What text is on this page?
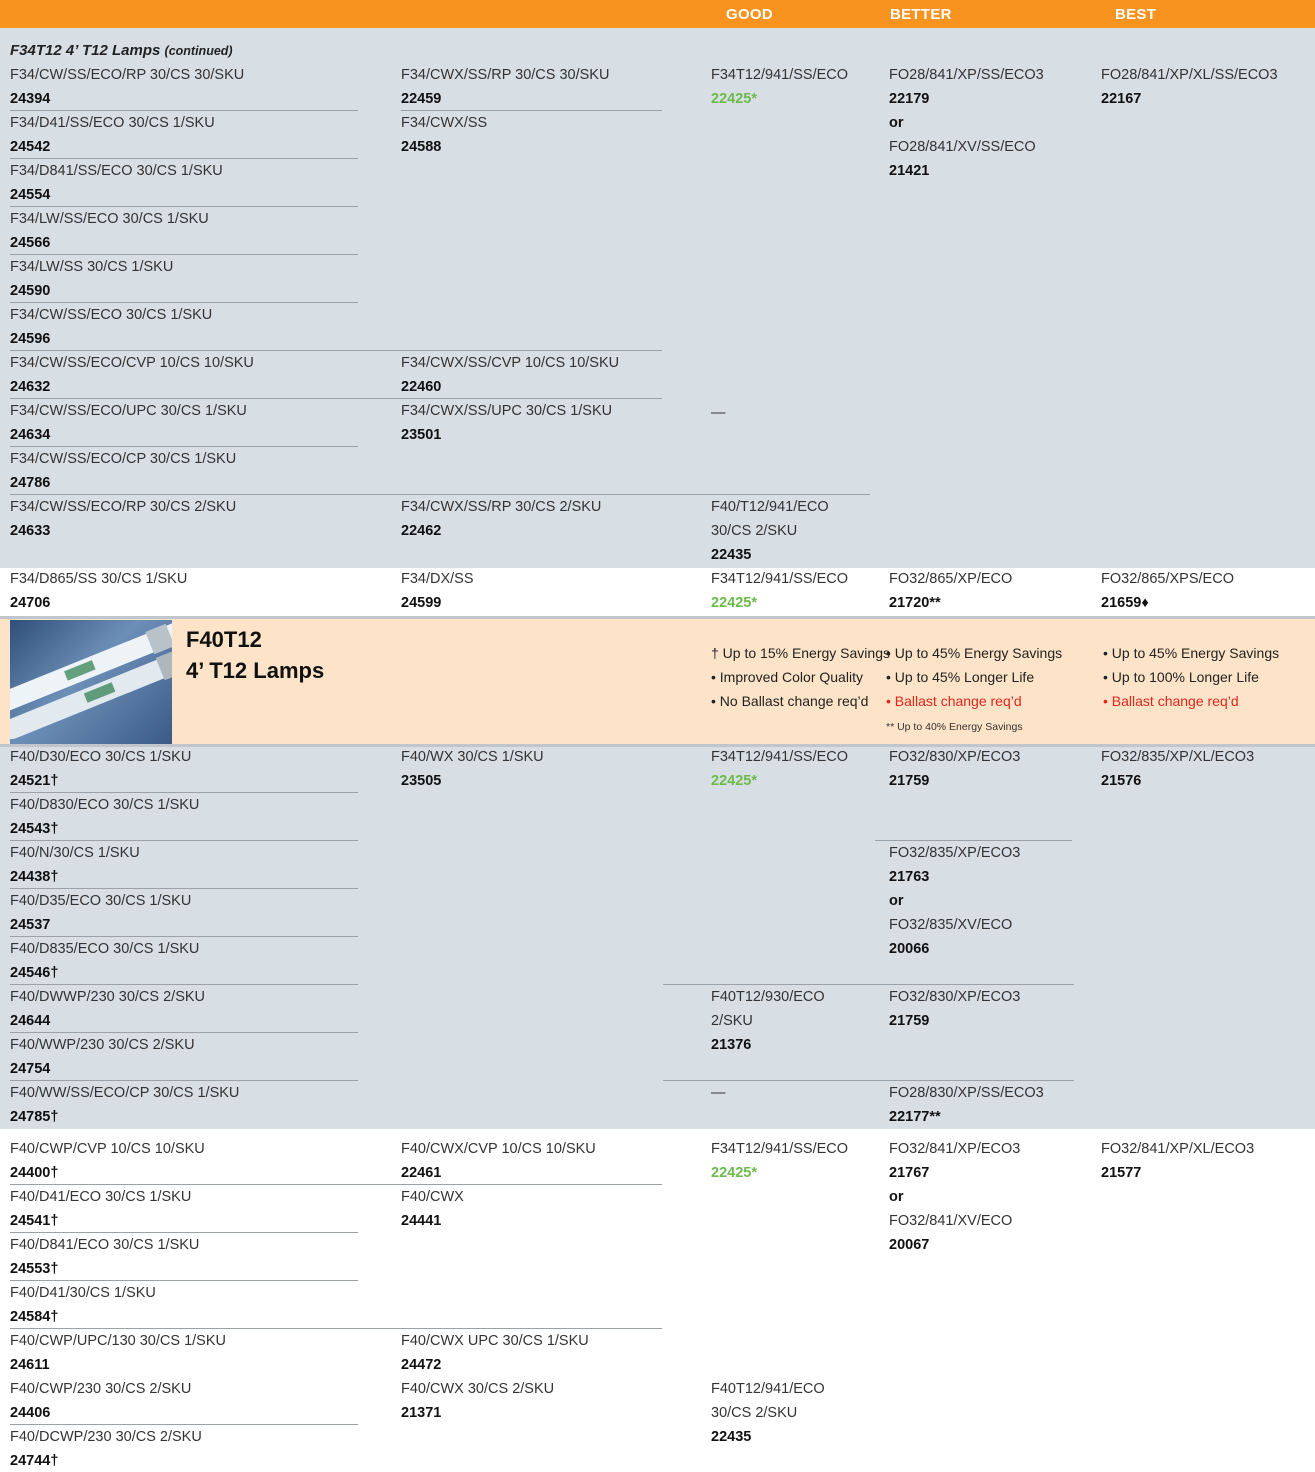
GOOD	BETTER	BEST
F34T12 4’ T12 Lamps (continued)
F34/CW/SS/ECO/RP 30/CS 30/SKU
24394
F34/D41/SS/ECO 30/CS 1/SKU
24542
F34/D841/SS/ECO 30/CS 1/SKU
24554
F34/LW/SS/ECO 30/CS 1/SKU
24566
F34/LW/SS 30/CS 1/SKU
24590
F34/CW/SS/ECO 30/CS 1/SKU
24596
F34/CW/SS/ECO/CVP 10/CS 10/SKU
24632
F34/CW/SS/ECO/UPC 30/CS 1/SKU
24634
F34/CW/SS/ECO/CP 30/CS 1/SKU
24786
F34/CW/SS/ECO/RP 30/CS 2/SKU
24633
F34/CWX/SS/RP 30/CS 30/SKU
22459
F34/CWX/SS
24588
F34/CWX/SS/CVP 10/CS 10/SKU
22460
F34/CWX/SS/UPC 30/CS 1/SKU
23501
F34/CWX/SS/RP 30/CS 2/SKU
22462
F34T12/941/SS/ECO
22425*
—
F40/T12/941/ECO
30/CS 2/SKU
22435
FO28/841/XP/SS/ECO3
22179
or
FO28/841/XV/SS/ECO
21421
FO28/841/XP/XL/SS/ECO3
22167
F34/D865/SS 30/CS 1/SKU
24706
F34/DX/SS
24599
F34T12/941/SS/ECO
22425*
FO32/865/XP/ECO
21720**
FO32/865/XPS/ECO
21659♦
F40T12
4’ T12 Lamps
† Up to 15% Energy Savings
• Improved Color Quality
• No Ballast change req’d
• Up to 45% Energy Savings
• Up to 45% Longer Life
• Ballast change req’d
** Up to 40% Energy Savings
• Up to 45% Energy Savings
• Up to 100% Longer Life
• Ballast change req’d
F40/D30/ECO 30/CS 1/SKU
24521†
F40/D830/ECO 30/CS 1/SKU
24543†
F40/N/30/CS 1/SKU
24438†
F40/D35/ECO 30/CS 1/SKU
24537
F40/D835/ECO 30/CS 1/SKU
24546†
F40/DWWP/230 30/CS 2/SKU
24644
F40/WWP/230 30/CS 2/SKU
24754
F40/WW/SS/ECO/CP 30/CS 1/SKU
24785†
F40/WX 30/CS 1/SKU
23505
F34T12/941/SS/ECO
22425*
F40T12/930/ECO
2/SKU
21376
—
FO32/830/XP/ECO3
21759
FO32/835/XP/ECO3
21763
or
FO32/835/XV/ECO
20066
FO32/830/XP/ECO3
21759
FO28/830/XP/SS/ECO3
22177**
FO32/835/XP/XL/ECO3
21576
F40/CWP/CVP 10/CS 10/SKU
24400†
F40/D41/ECO 30/CS 1/SKU
24541†
F40/D841/ECO 30/CS 1/SKU
24553†
F40/D41/30/CS 1/SKU
24584†
F40/CWP/UPC/130 30/CS 1/SKU
24611
F40/CWP/230 30/CS 2/SKU
24406
F40/DCWP/230 30/CS 2/SKU
24744†
F40/CWX/CVP 10/CS 10/SKU
22461
F40/CWX
24441
F40/CWX UPC 30/CS 1/SKU
24472
F40/CWX 30/CS 2/SKU
21371
F34T12/941/SS/ECO
22425*
F40T12/941/ECO
30/CS 2/SKU
22435
FO32/841/XP/ECO3
21767
or
FO32/841/XV/ECO
20067
FO32/841/XP/XL/ECO3
21577
